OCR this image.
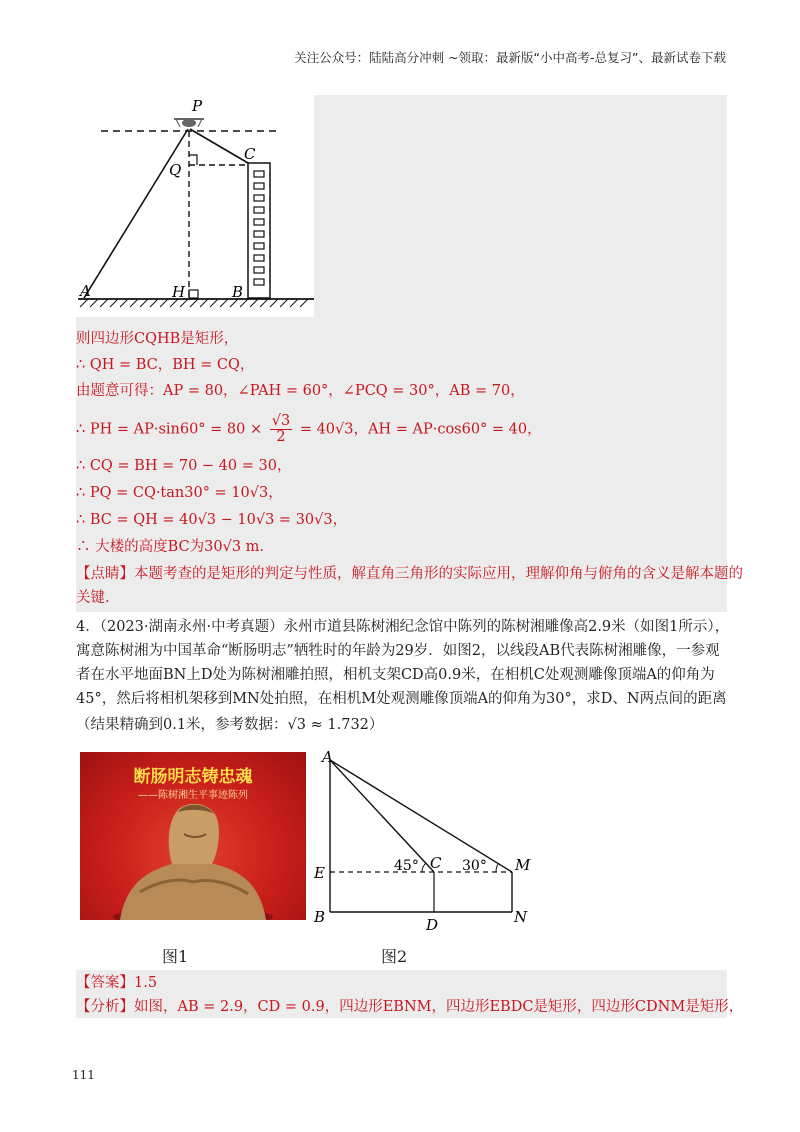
关注公众号：陆陆高分冲刺 ~领取：最新版“小中高考-总复习”、最新试卷下载
P
Q
C
A	H	B
则四边形CQHB是矩形，
∴ QH = BC，BH = CQ，
由题意可得：AP = 80，∠PAH = 60°，∠PCQ = 30°，AB = 70，
∴ PH = $AP\cdot\sin 60^\circ = 80 \times \frac{√3}{2} = 40√3$，AH = AP·cos60° = 40，
∴ CQ = BH = 70 − 40 = 30，
∴ PQ = CQ·tan30° = 10√3，
∴ BC = QH = 40√3 − 10√3 = 30√3，
∴ 大楼的高度BC为30√3 m.
【点睛】本题考查的是矩形的判定与性质，解直角三角形的实际应用，理解仰角与俯角的含义是解本题的
关键.
4．（2023·湖南永州·中考真题）永州市道县陈树湘纪念馆中陈列的陈树湘雕像高2.9米（如图1所示），
寓意陈树湘为中国革命“断肠明志”牺牲时的年龄为29岁．如图2，以线段AB代表陈树湘雕像，一参观
者在水平地面BN上D处为陈树湘雕拍照，相机支架CD高0.9米，在相机C处观测雕像顶端A的仰角为
45°，然后将相机架移到MN处拍照，在相机M处观测雕像顶端A的仰角为30°，求D、N两点间的距离
（结果精确到0.1米，参考数据：√3 ≈ 1.732）
断肠明志铸忠魂
——陈树湘生平事迹陈列
A
E
B
C
D
M
N
45°	30°
图1	图2
【答案】1.5
【分析】如图，AB = 2.9，CD = 0.9，四边形EBNM，四边形EBDC是矩形，四边形CDNM是矩形，
111
